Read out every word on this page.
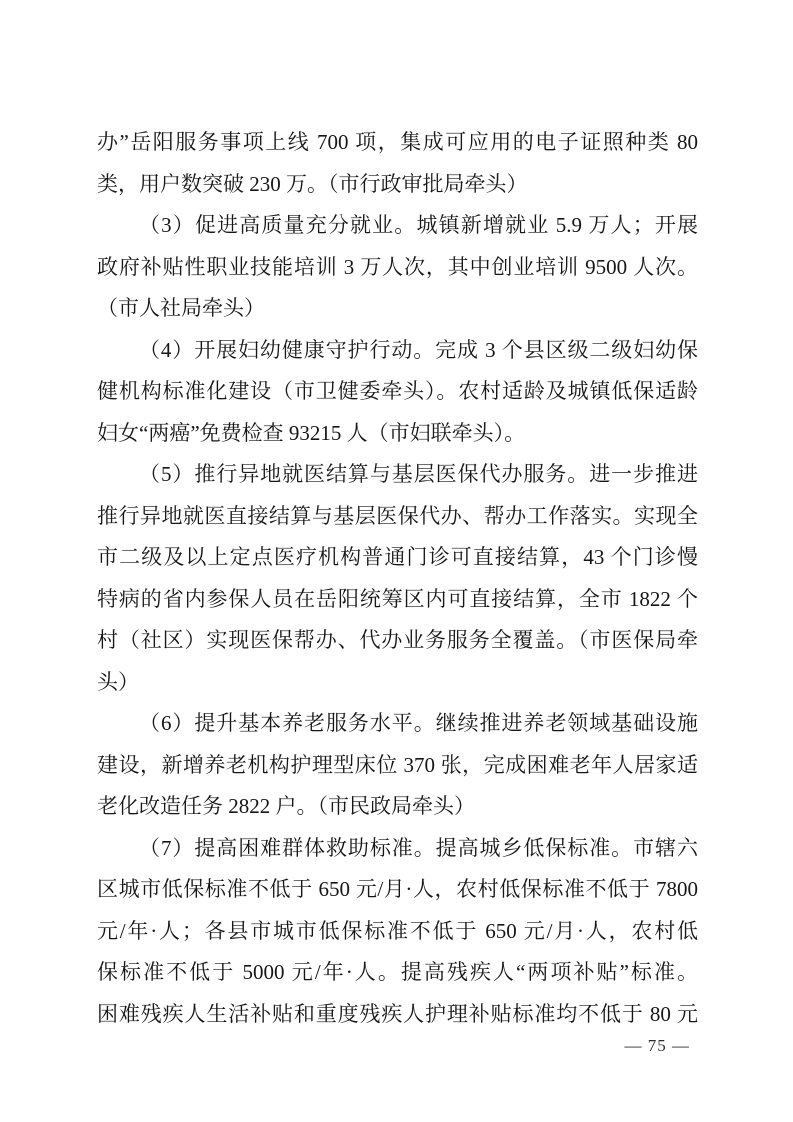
办”岳阳服务事项上线 700 项，集成可应用的电子证照种类 80
类，用户数突破 230 万。（市行政审批局牵头）
（3）促进高质量充分就业。城镇新增就业 5.9 万人；开展
政府补贴性职业技能培训 3 万人次，其中创业培训 9500 人次。
（市人社局牵头）
（4）开展妇幼健康守护行动。完成 3 个县区级二级妇幼保
健机构标准化建设（市卫健委牵头）。农村适龄及城镇低保适龄
妇女“两癌”免费检查 93215 人（市妇联牵头）。
（5）推行异地就医结算与基层医保代办服务。进一步推进
推行异地就医直接结算与基层医保代办、帮办工作落实。实现全
市二级及以上定点医疗机构普通门诊可直接结算，43 个门诊慢
特病的省内参保人员在岳阳统筹区内可直接结算，全市 1822 个
村（社区）实现医保帮办、代办业务服务全覆盖。（市医保局牵
头）
（6）提升基本养老服务水平。继续推进养老领域基础设施
建设，新增养老机构护理型床位 370 张，完成困难老年人居家适
老化改造任务 2822 户。（市民政局牵头）
（7）提高困难群体救助标准。提高城乡低保标准。市辖六
区城市低保标准不低于 650 元/月·人，农村低保标准不低于 7800
元/年·人；各县市城市低保标准不低于 650 元/月·人，农村低
保标准不低于 5000 元/年·人。提高残疾人“两项补贴”标准。
困难残疾人生活补贴和重度残疾人护理补贴标准均不低于 80 元
— 75 —
